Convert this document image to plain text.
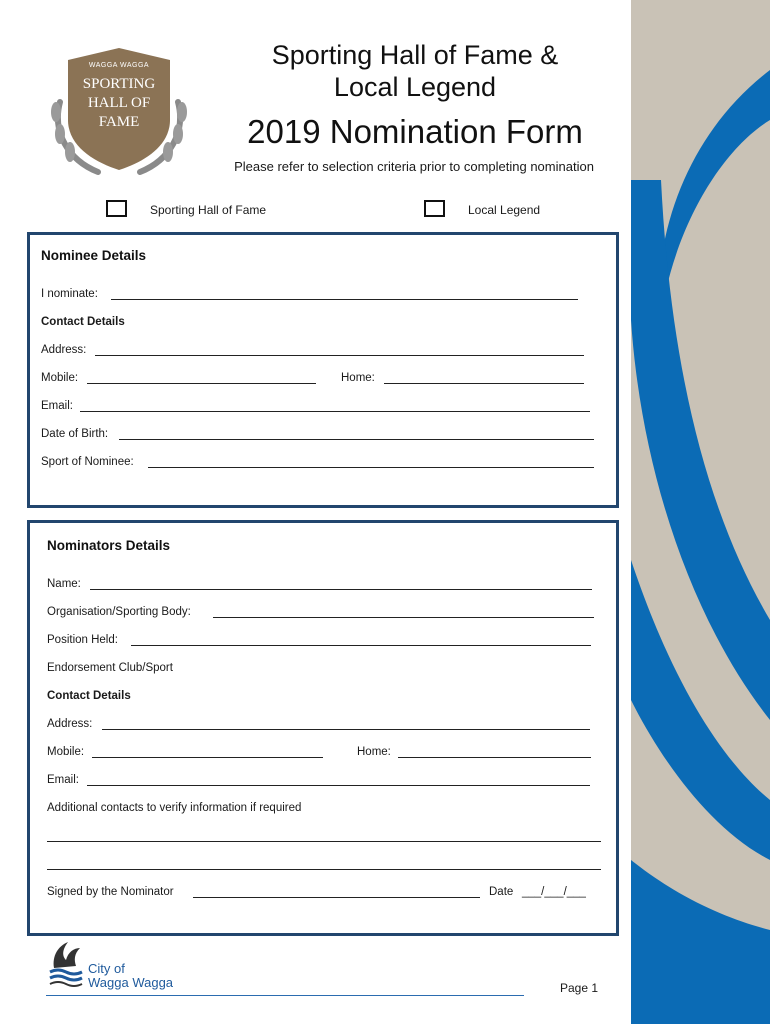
WAGGA WAGGA
SPORTING
HALL OF
FAME
Sporting Hall of Fame &
Local Legend
2019 Nomination Form
Please refer to selection criteria prior to completing nomination
Sporting Hall of Fame	Local Legend
Nominee Details
I nominate:
Contact Details
Address:
Mobile:	Home:
Email:
Date of Birth:
Sport of Nominee:
Nominators Details
Name:
Organisation/Sporting Body:
Position Held:
Endorsement Club/Sport
Contact Details
Address:
Mobile:	Home:
Email:
Additional contacts to verify information if required
Signed by the Nominator	Date ___/___/___
City of
Wagga Wagga	Page 1
